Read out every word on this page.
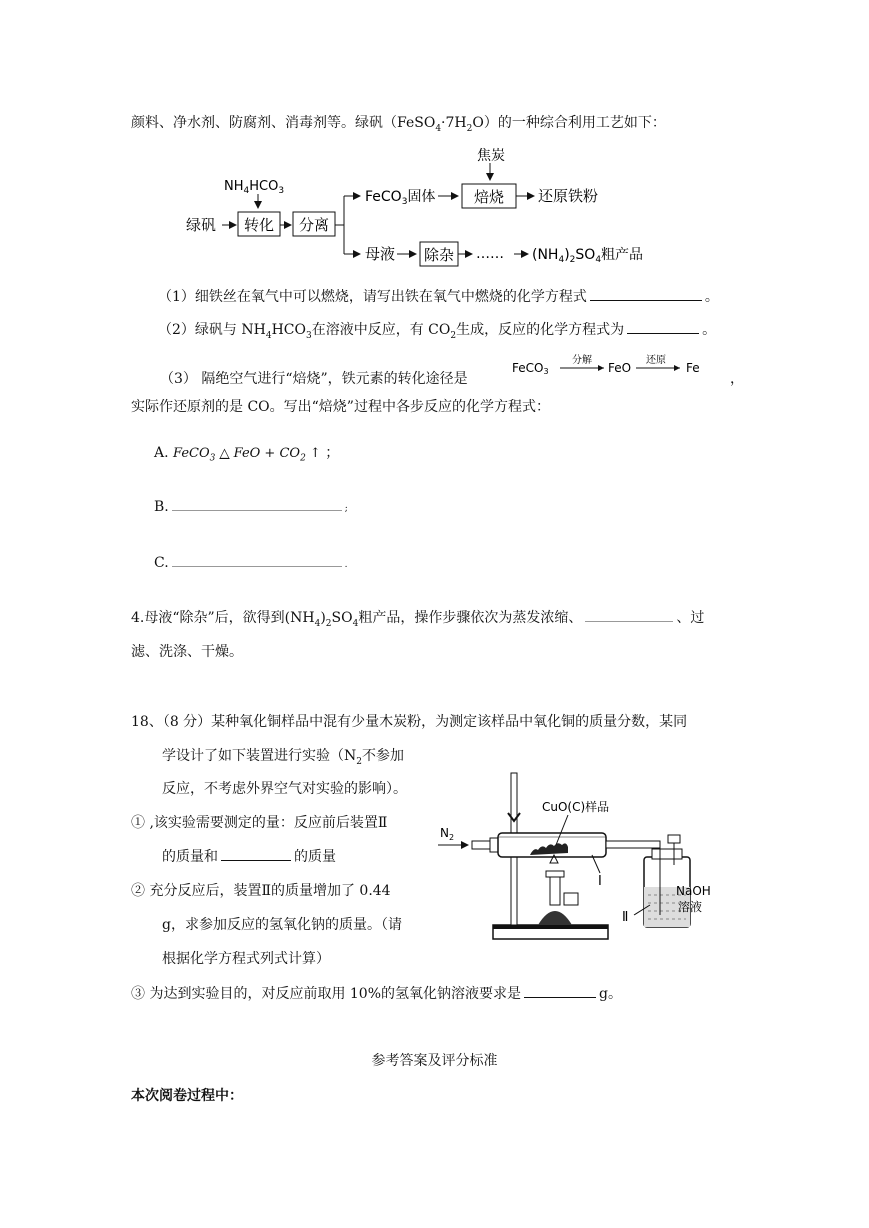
颜料、净水剂、防腐剂、消毒剂等。绿矾$(FeSO_4\cdot 7H_2O)$的一种综合利用工艺如下：
$NH_4HCO_3$
绿矾 转化 分离
FeCO$_3$固体
焦炭
焙烧 还原铁粉
母液 除杂 …… $(NH_4)_2SO_4$粗产品
（1）细铁丝在氧气中可以燃烧，请写出铁在氧气中燃烧的化学方程式	。
（2）绿矾与 $NH_4HCO_3$在溶液中反应，有 $CO_2$生成，反应的化学方程式为	。
（3） 隔绝空气进行“焙烧”，铁元素的转化途径是
FeCO3
分解
FeO
还原
Fe
，
实际作还原剂的是 CO。写出“焙烧”过程中各步反应的化学方程式：
A. FeCO$_3$ △ FeO + $CO_2$ ↑ ；
B.	;
C.	.
4.母液“除杂”后，欲得到$(NH_4)_2SO_4$粗产品，操作步骤依次为蒸发浓缩、	、过
滤、洗涤、干燥。
18、（8 分）某种氧化铜样品中混有少量木炭粉，为测定该样品中氧化铜的质量分数，某同
学设计了如下装置进行实验（$N_2$不参加
反应，不考虑外界空气对实验的影响）。
① ,该实验需要测定的量：反应前后装置Ⅱ
的质量和	的质量
② 充分反应后，装置Ⅱ的质量增加了 0.44
g，求参加反应的氢氧化钠的质量。（请
根据化学方程式列式计算）
③ 为达到实验目的，对反应前取用 10%的氢氧化钠溶液要求是	g。
$N_2$
CuO(C)样品
Ⅰ
NaOH
溶液
Ⅱ
参考答案及评分标准
本次阅卷过程中：
